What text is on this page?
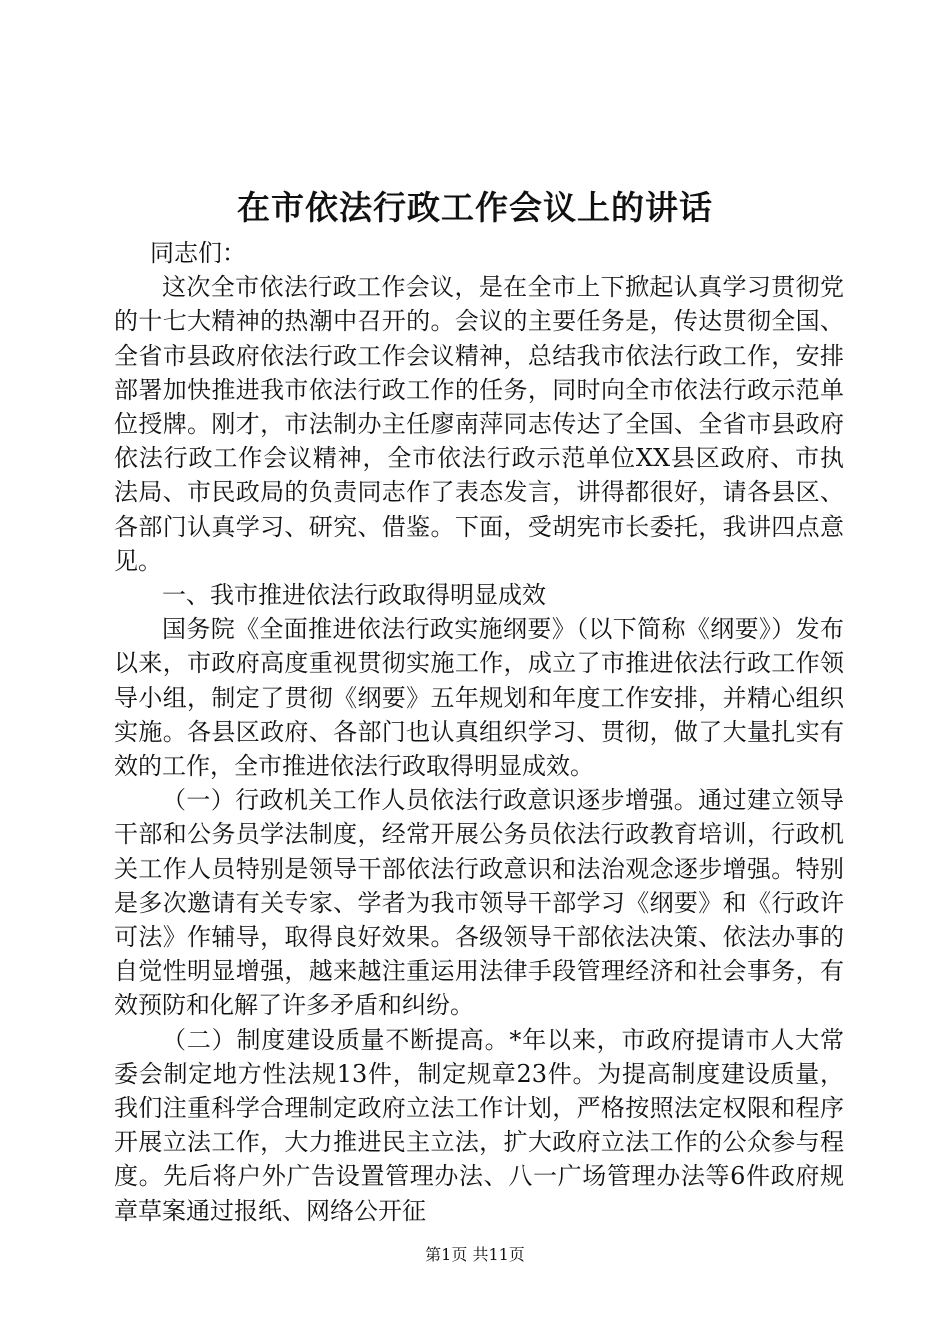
在市依法行政工作会议上的讲话

同志们：

这次全市依法行政工作会议，是在全市上下掀起认真学习贯彻党的十七大精神的热潮中召开的。会议的主要任务是，传达贯彻全国、全省市县政府依法行政工作会议精神，总结我市依法行政工作，安排部署加快推进我市依法行政工作的任务，同时向全市依法行政示范单位授牌。刚才，市法制办主任廖南萍同志传达了全国、全省市县政府依法行政工作会议精神，全市依法行政示范单位XX县区政府、市执法局、市民政局的负责同志作了表态发言，讲得都很好，请各县区、各部门认真学习、研究、借鉴。下面，受胡宪市长委托，我讲四点意见。

一、我市推进依法行政取得明显成效

国务院《全面推进依法行政实施纲要》（以下简称《纲要》）发布以来，市政府高度重视贯彻实施工作，成立了市推进依法行政工作领导小组，制定了贯彻《纲要》五年规划和年度工作安排，并精心组织实施。各县区政府、各部门也认真组织学习、贯彻，做了大量扎实有效的工作，全市推进依法行政取得明显成效。

（一）行政机关工作人员依法行政意识逐步增强。通过建立领导干部和公务员学法制度，经常开展公务员依法行政教育培训，行政机关工作人员特别是领导干部依法行政意识和法治观念逐步增强。特别是多次邀请有关专家、学者为我市领导干部学习《纲要》和《行政许可法》作辅导，取得良好效果。各级领导干部依法决策、依法办事的自觉性明显增强，越来越注重运用法律手段管理经济和社会事务，有效预防和化解了许多矛盾和纠纷。

（二）制度建设质量不断提高。*年以来，市政府提请市人大常委会制定地方性法规13件，制定规章23件。为提高制度建设质量，我们注重科学合理制定政府立法工作计划，严格按照法定权限和程序开展立法工作，大力推进民主立法，扩大政府立法工作的公众参与程度。先后将户外广告设置管理办法、八一广场管理办法等6件政府规章草案通过报纸、网络公开征

第1页 共11页
